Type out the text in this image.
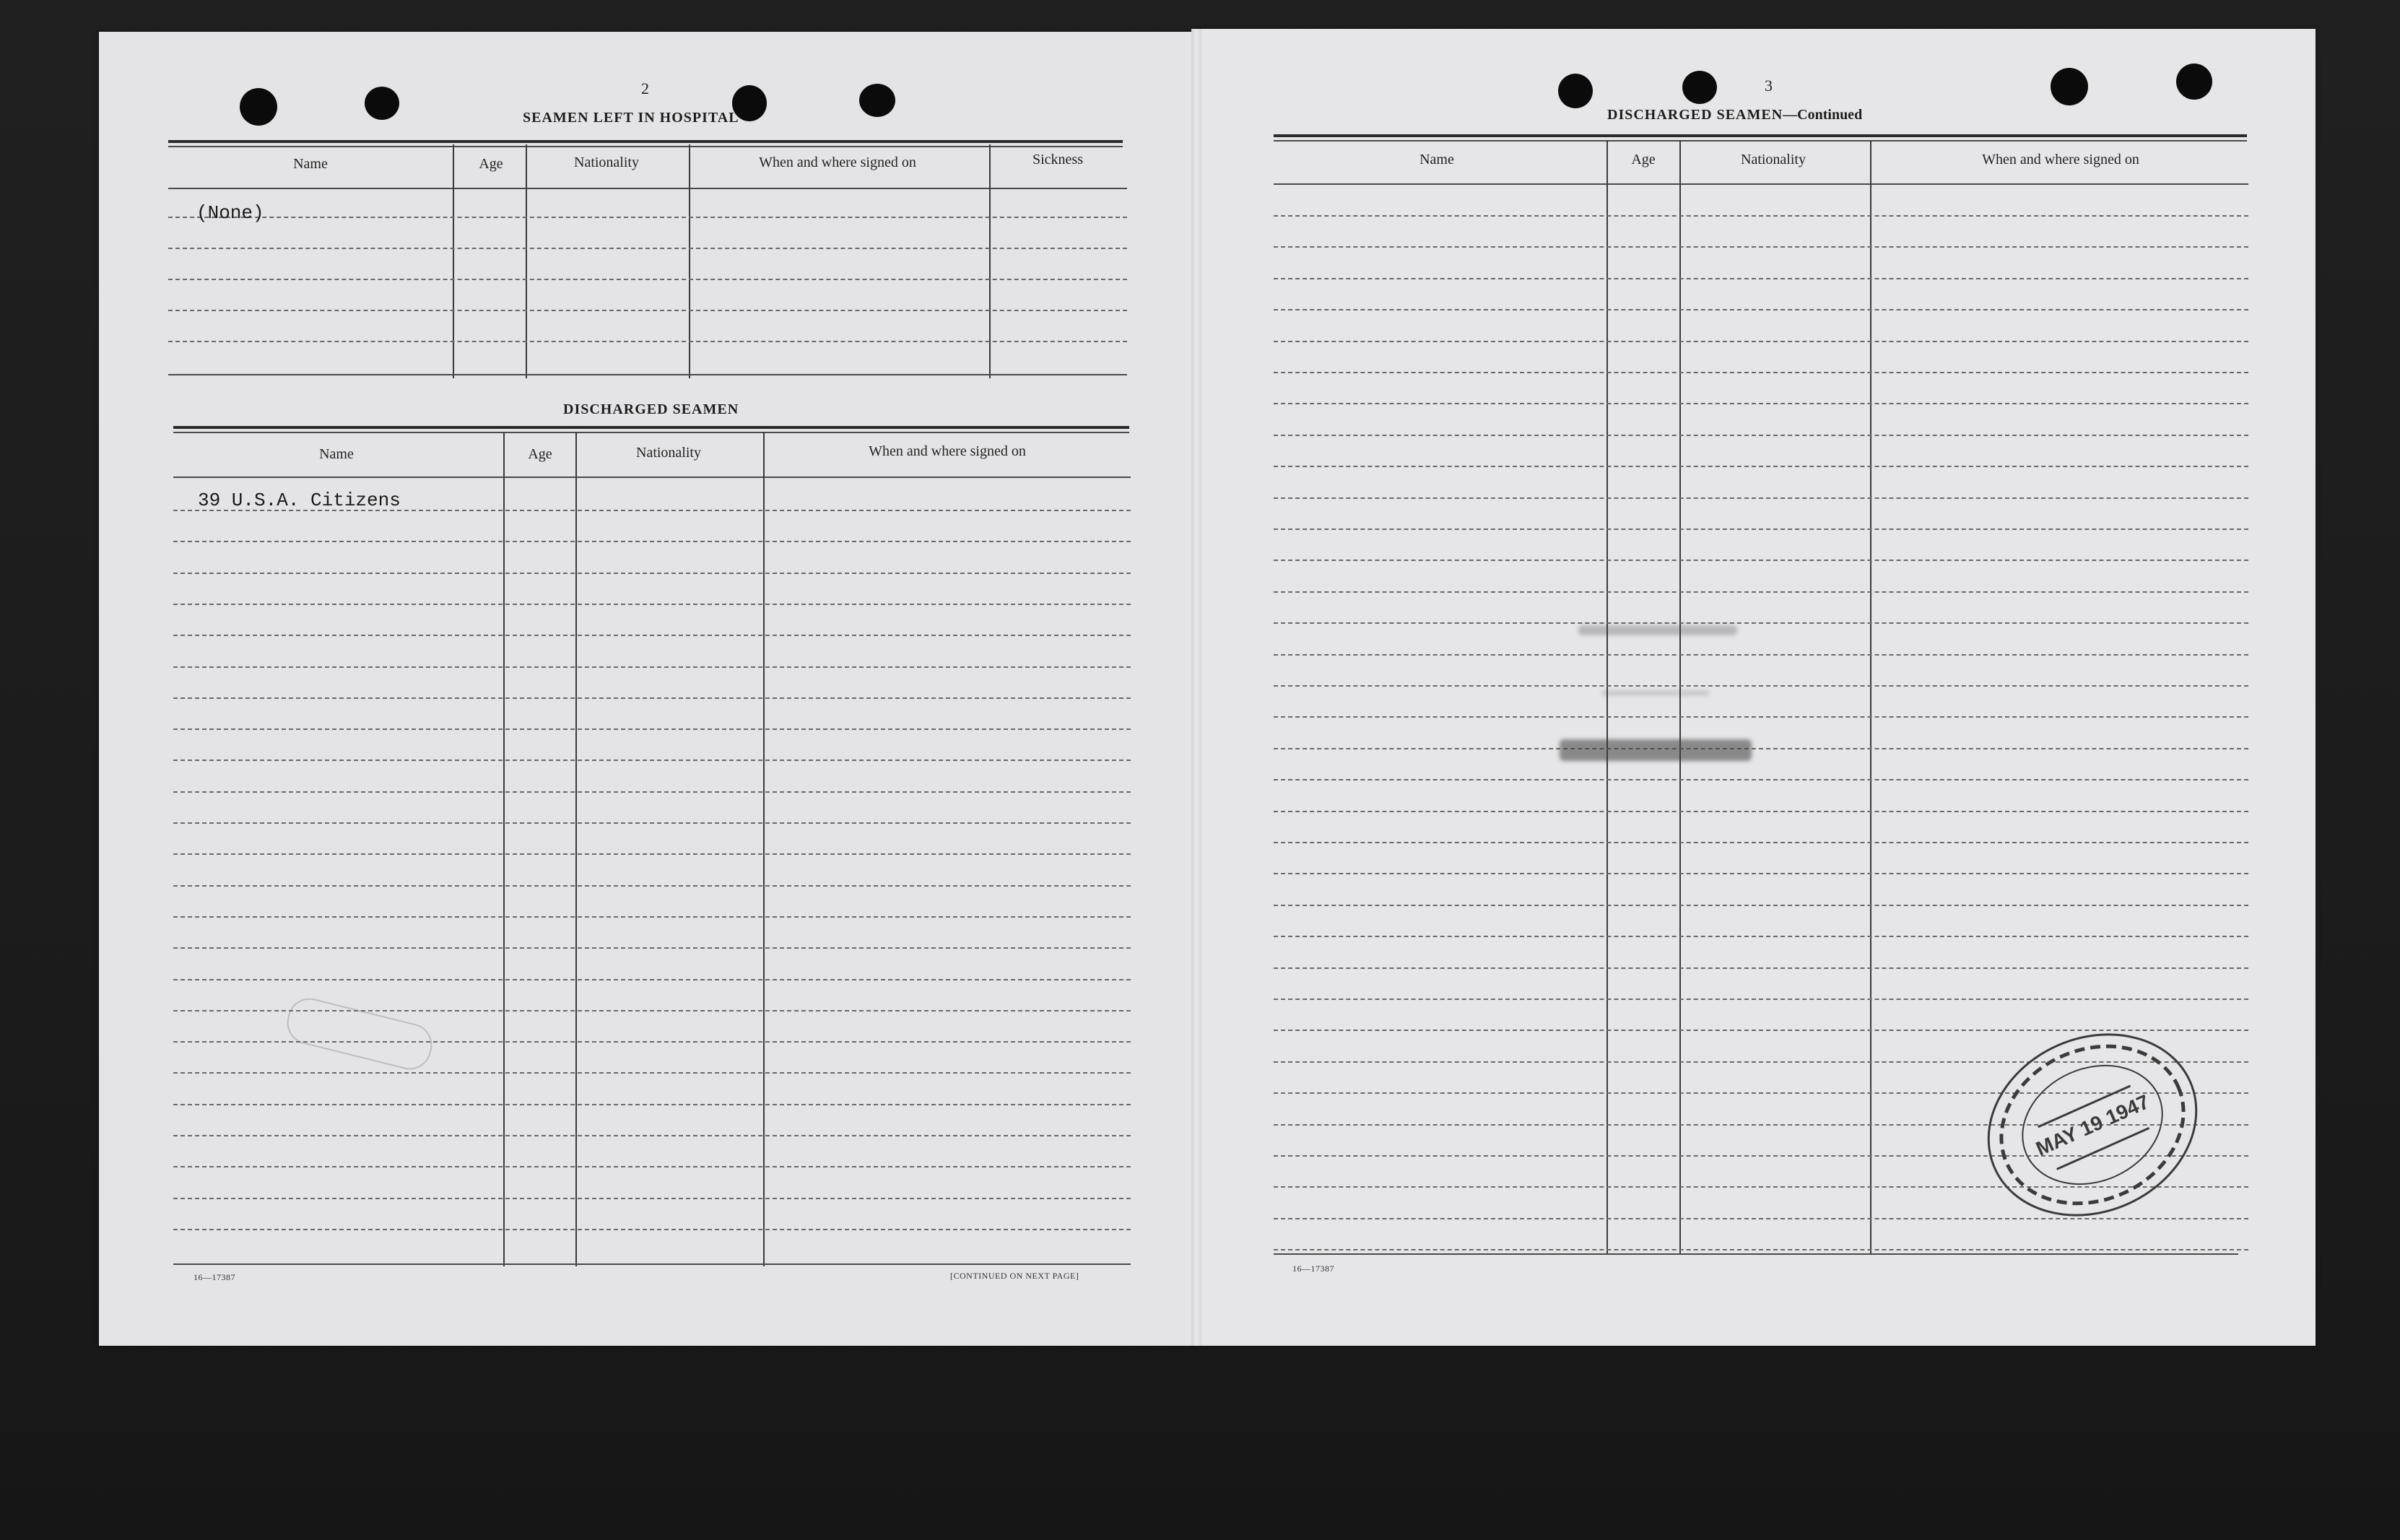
2
SEAMEN LEFT IN HOSPITAL
Name	Age	Nationality	When and where signed on	Sickness
(None)
DISCHARGED SEAMEN
Name	Age	Nationality	When and where signed on
39 U.S.A. Citizens
16—17387	[CONTINUED ON NEXT PAGE]
3
DISCHARGED SEAMEN—Continued
Name	Age	Nationality	When and where signed on
16—17387
MAY 19 1947
